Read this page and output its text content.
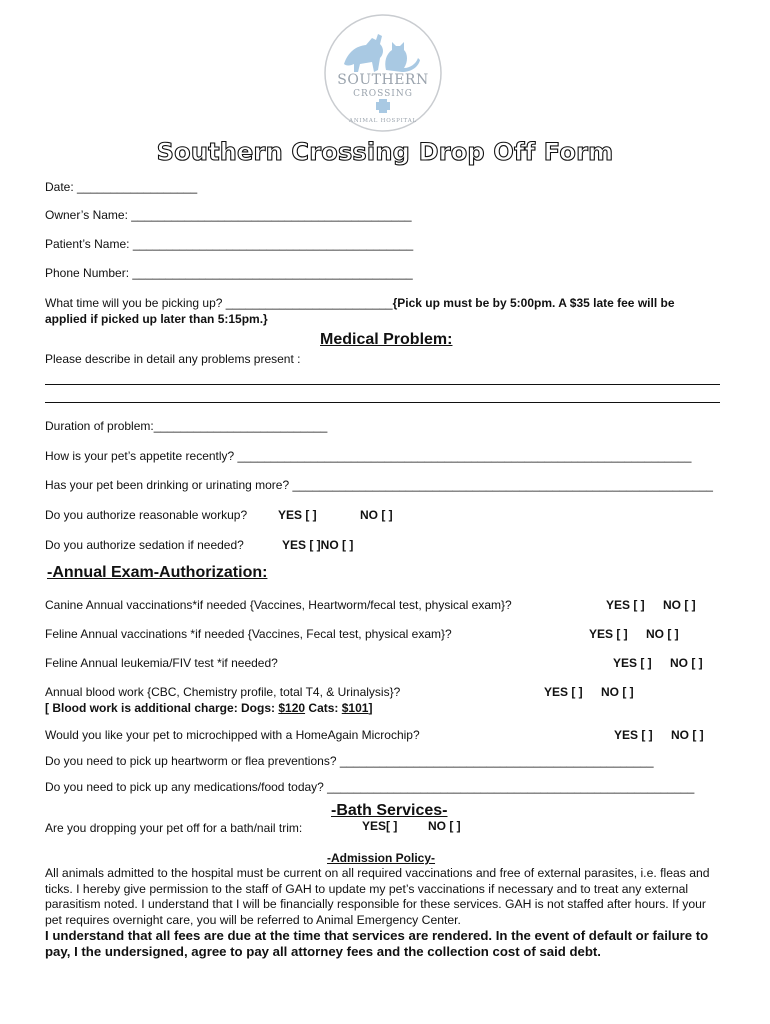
SOUTHERN
CROSSING
ANIMAL HOSPITAL
Southern Crossing Drop Off Form
Date: __________________
Owner’s Name: __________________________________________
Patient’s Name: __________________________________________
Phone Number: __________________________________________
What time will you be picking up? _________________________{Pick up must be by 5:00pm. A $35 late fee will be
applied if picked up later than 5:15pm.}
Medical Problem:
Please describe in detail any problems present :
Duration of problem:__________________________
How is your pet’s appetite recently? ____________________________________________________________________
Has your pet been drinking or urinating more? _______________________________________________________________
Do you authorize reasonable workup?	YES [ ]	NO [ ]
Do you authorize sedation if needed?	YES [ ]NO [ ]
-Annual Exam-Authorization:
Canine Annual vaccinations*if needed {Vaccines, Heartworm/fecal test, physical exam}?	YES [ ] NO [ ]
Feline Annual vaccinations *if needed {Vaccines, Fecal test, physical exam}?	YES [ ] NO [ ]
Feline Annual leukemia/FIV test *if needed?	YES [ ] NO [ ]
Annual blood work {CBC, Chemistry profile, total T4, & Urinalysis}?	YES [ ] NO [ ]
[ Blood work is additional charge: Dogs: $120 Cats: $101]
Would you like your pet to microchipped with a HomeAgain Microchip?	YES [ ] NO [ ]
Do you need to pick up heartworm or flea preventions? _______________________________________________
Do you need to pick up any medications/food today? _______________________________________________________
-Bath Services-
Are you dropping your pet off for a bath/nail trim:	YES[ ]	NO [ ]
-Admission Policy-
All animals admitted to the hospital must be current on all required vaccinations and free of external parasites, i.e. fleas and ticks. I hereby give permission to the staff of GAH to update my pet’s vaccinations if necessary and to treat any external parasitism noted. I understand that I will be financially responsible for these services. GAH is not staffed after hours. If your pet requires overnight care, you will be referred to Animal Emergency Center.
I understand that all fees are due at the time that services are rendered. In the event of default or failure to pay, I the undersigned, agree to pay all attorney fees and the collection cost of said debt.
